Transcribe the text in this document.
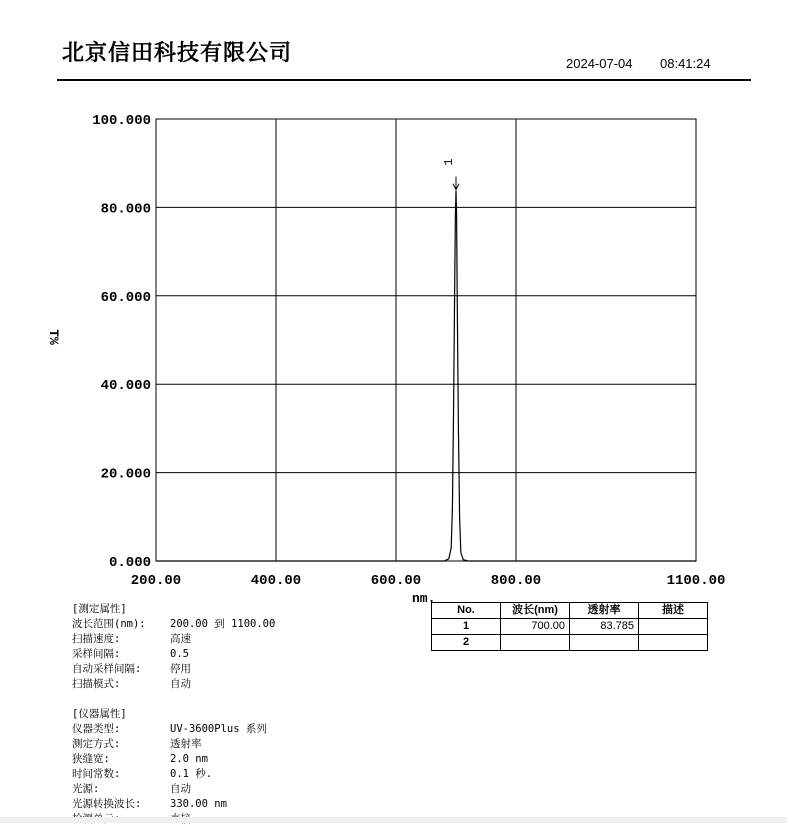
北京信田科技有限公司	2024-07-04 08:41:24
200.00	400.00	600.00	800.00	1100.00
0.000
20.000
40.000
60.000
80.000
100.000
1
T%
nm.
[测定属性]
波长范围(nm):	200.00 到 1100.00
扫描速度:	高速
采样间隔:	0.5
自动采样间隔:	停用
扫描模式:	自动
[仪器属性]
仪器类型:	UV-3600Plus 系列
测定方式:	透射率
狭缝宽:	2.0 nm
时间常数:	0.1 秒.
光源:	自动
光源转换波长:	330.00 nm
No.	波长(nm)	透射率	描述
1	700.00	83.785	
2			
